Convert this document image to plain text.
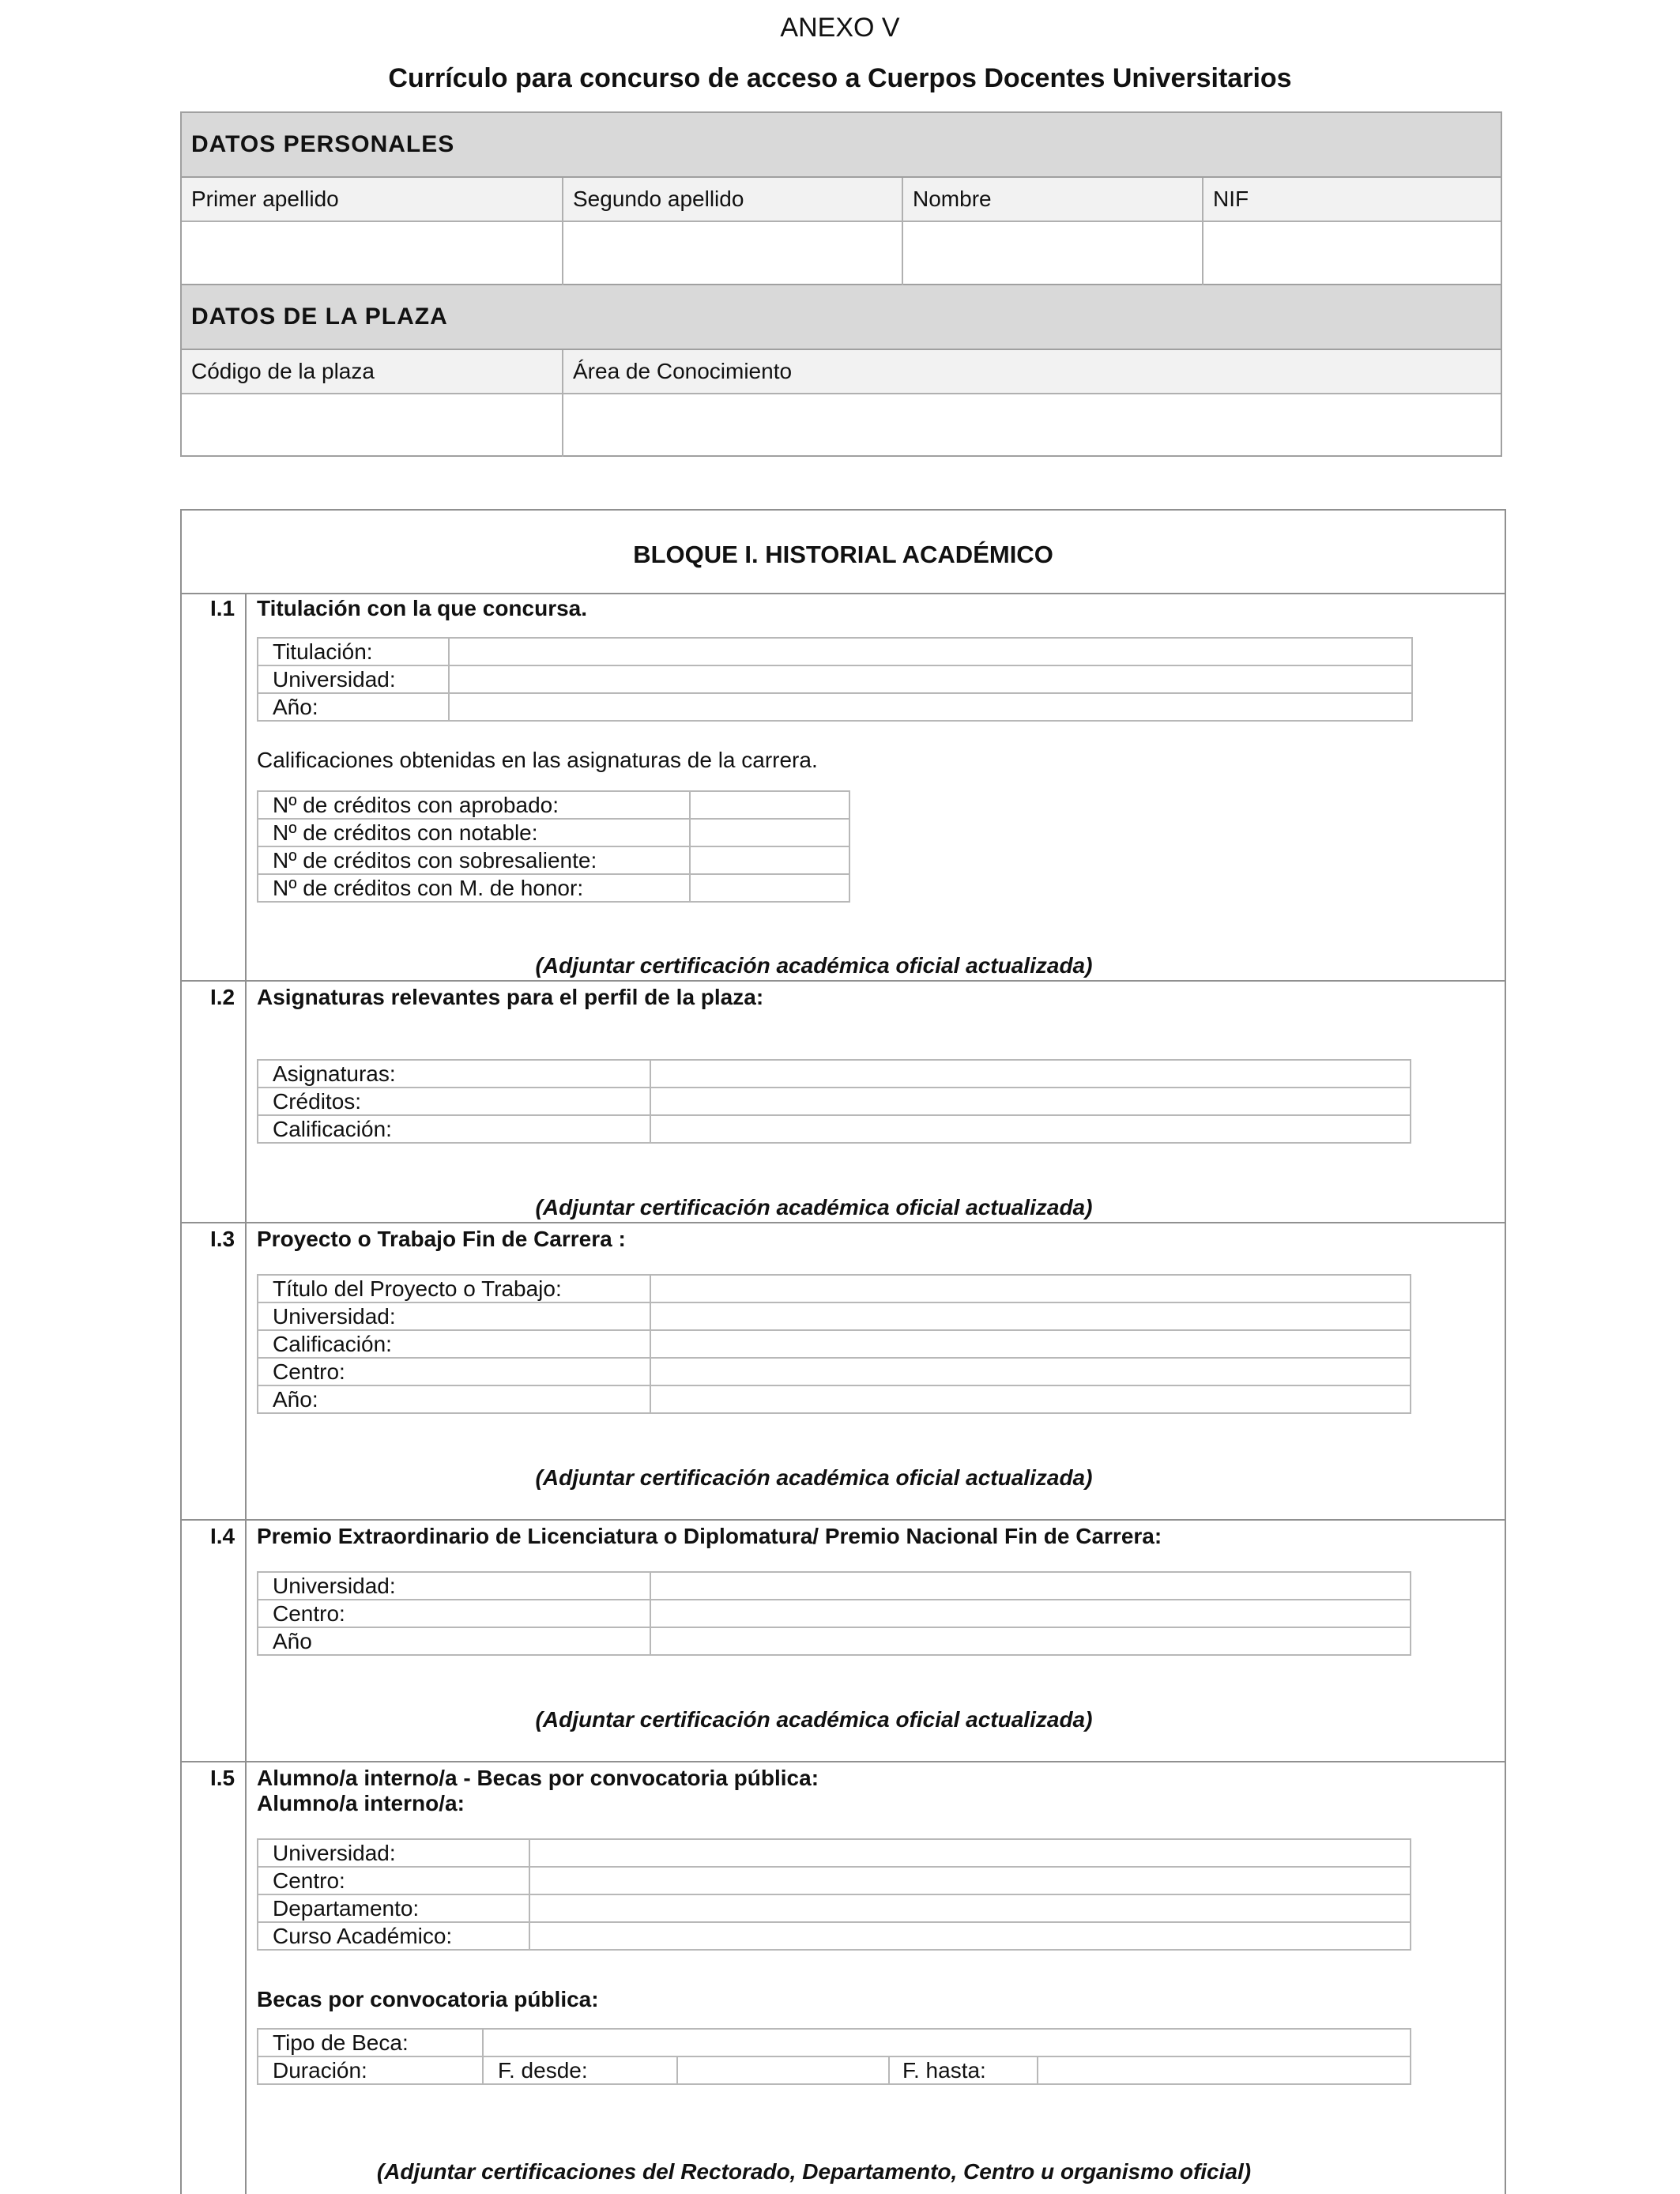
ANEXO V
Currículo para concurso de acceso a Cuerpos Docentes Universitarios
DATOS PERSONALES
Primer apellido	Segundo apellido	Nombre	NIF
DATOS DE LA PLAZA
Código de la plaza	Área de Conocimiento
BLOQUE I. HISTORIAL ACADÉMICO
I.1 Titulación con la que concursa.
Titulación:
Universidad:
Año:
Calificaciones obtenidas en las asignaturas de la carrera.
Nº de créditos con aprobado:
Nº de créditos con notable:
Nº de créditos con sobresaliente:
Nº de créditos con M. de honor:
(Adjuntar certificación académica oficial actualizada)
I.2 Asignaturas relevantes para el perfil de la plaza:
Asignaturas:
Créditos:
Calificación:
(Adjuntar certificación académica oficial actualizada)
I.3 Proyecto o Trabajo Fin de Carrera :
Título del Proyecto o Trabajo:
Universidad:
Calificación:
Centro:
Año:
(Adjuntar certificación académica oficial actualizada)
I.4 Premio Extraordinario de Licenciatura o Diplomatura/ Premio Nacional Fin de Carrera:
Universidad:
Centro:
Año
(Adjuntar certificación académica oficial actualizada)
I.5 Alumno/a interno/a - Becas por convocatoria pública:
Alumno/a interno/a:
Universidad:
Centro:
Departamento:
Curso Académico:
Becas por convocatoria pública:
Tipo de Beca:
Duración:	F. desde:	F. hasta:
(Adjuntar certificaciones del Rectorado, Departamento, Centro u organismo oficial)
